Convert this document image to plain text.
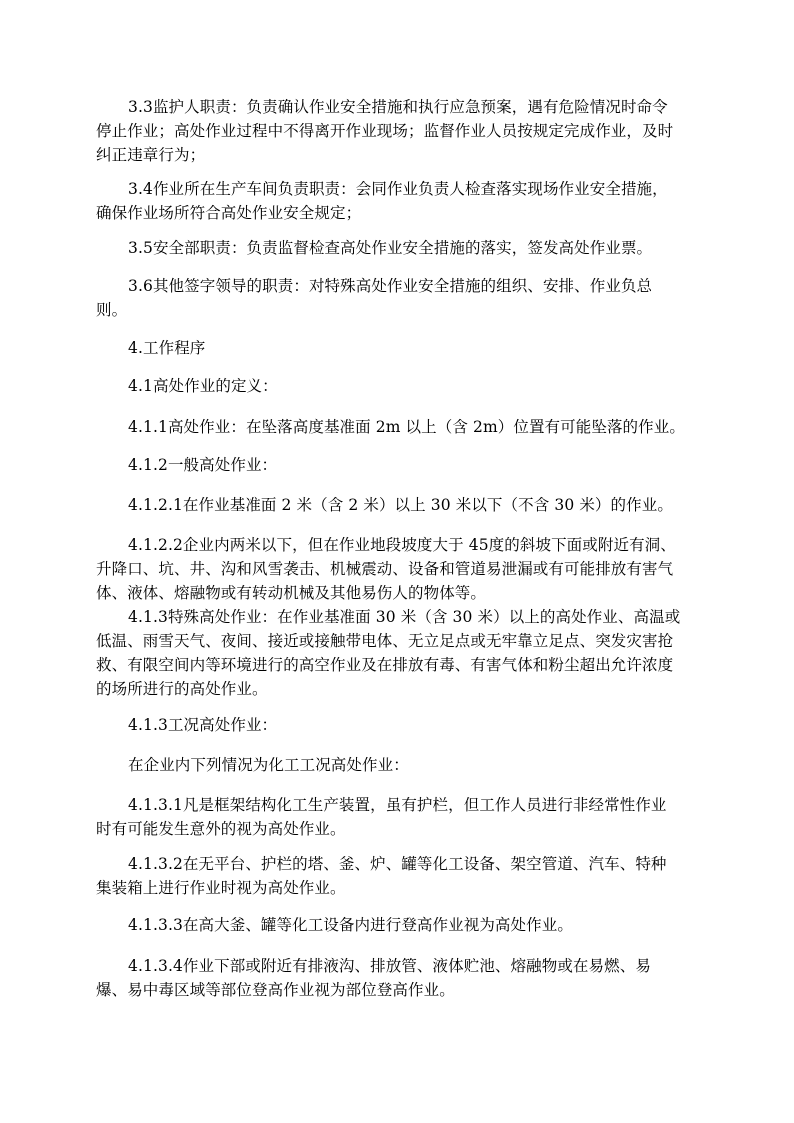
3.3监护人职责：负责确认作业安全措施和执行应急预案，遇有危险情况时命令
停止作业；高处作业过程中不得离开作业现场；监督作业人员按规定完成作业，及时
纠正违章行为；

3.4作业所在生产车间负责职责：会同作业负责人检查落实现场作业安全措施，
确保作业场所符合高处作业安全规定；

3.5安全部职责：负责监督检查高处作业安全措施的落实，签发高处作业票。

3.6其他签字领导的职责：对特殊高处作业安全措施的组织、安排、作业负总
则。

4.工作程序

4.1高处作业的定义：

4.1.1高处作业：在坠落高度基准面 2m 以上（含 2m）位置有可能坠落的作业。

4.1.2一般高处作业：

4.1.2.1在作业基准面 2 米（含 2 米）以上 30 米以下（不含 30 米）的作业。

4.1.2.2企业内两米以下，但在作业地段坡度大于 45度的斜坡下面或附近有洞、
升降口、坑、井、沟和风雪袭击、机械震动、设备和管道易泄漏或有可能排放有害气
体、液体、熔融物或有转动机械及其他易伤人的物体等。

4.1.3特殊高处作业：在作业基准面 30 米（含 30 米）以上的高处作业、高温或
低温、雨雪天气、夜间、接近或接触带电体、无立足点或无牢靠立足点、突发灾害抢
救、有限空间内等环境进行的高空作业及在排放有毒、有害气体和粉尘超出允许浓度
的场所进行的高处作业。

4.1.3工况高处作业：

在企业内下列情况为化工工况高处作业：

4.1.3.1凡是框架结构化工生产装置，虽有护栏，但工作人员进行非经常性作业
时有可能发生意外的视为高处作业。

4.1.3.2在无平台、护栏的塔、釜、炉、罐等化工设备、架空管道、汽车、特种
集装箱上进行作业时视为高处作业。

4.1.3.3在高大釜、罐等化工设备内进行登高作业视为高处作业。

4.1.3.4作业下部或附近有排液沟、排放管、液体贮池、熔融物或在易燃、易
爆、易中毒区域等部位登高作业视为部位登高作业。
